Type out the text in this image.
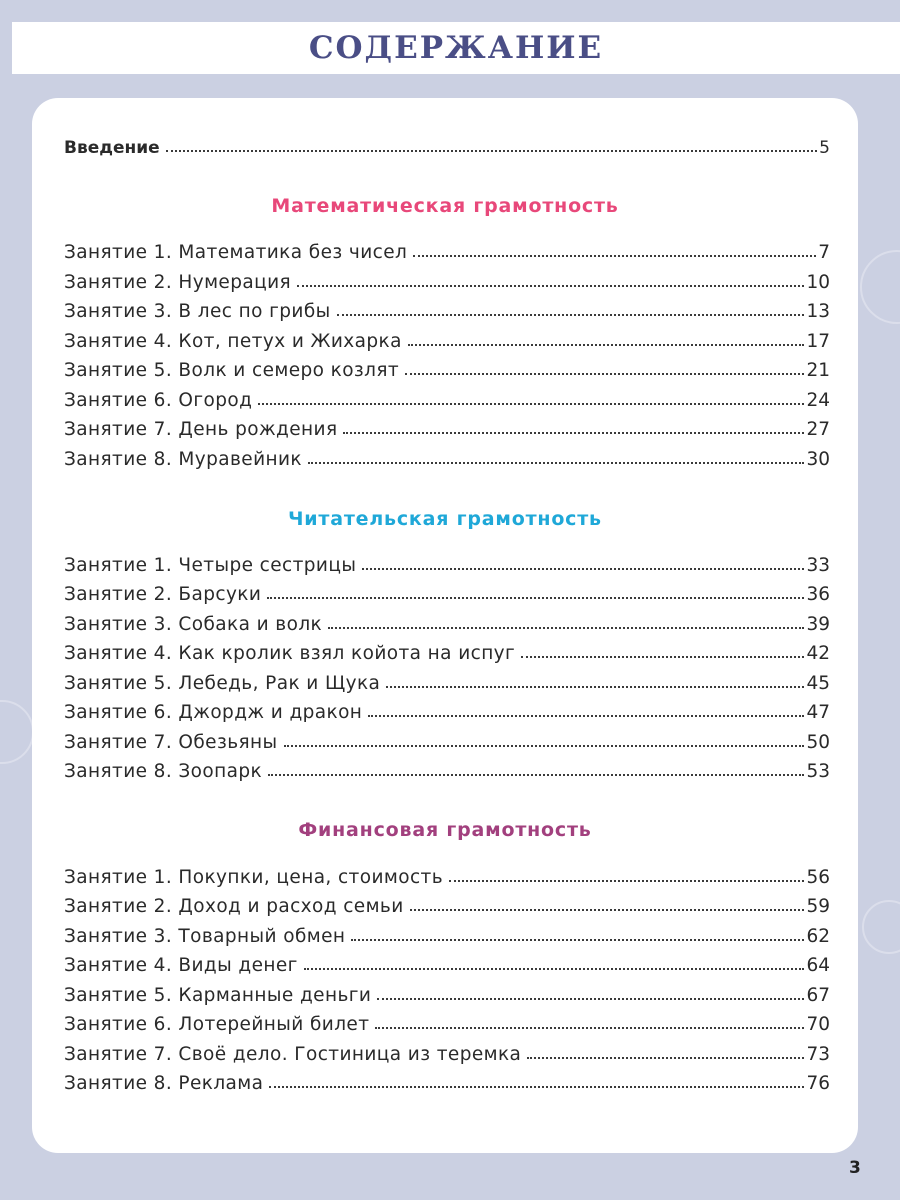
СОДЕРЖАНИЕ
Введение	5
Математическая грамотность
Занятие 1. Математика без чисел	7
Занятие 2. Нумерация	10
Занятие 3. В лес по грибы	13
Занятие 4. Кот, петух и Жихарка	17
Занятие 5. Волк и семеро козлят	21
Занятие 6. Огород	24
Занятие 7. День рождения	27
Занятие 8. Муравейник	30
Читательская грамотность
Занятие 1. Четыре сестрицы	33
Занятие 2. Барсуки	36
Занятие 3. Собака и волк	39
Занятие 4. Как кролик взял койота на испуг	42
Занятие 5. Лебедь, Рак и Щука	45
Занятие 6. Джордж и дракон	47
Занятие 7. Обезьяны	50
Занятие 8. Зоопарк	53
Финансовая грамотность
Занятие 1. Покупки, цена, стоимость	56
Занятие 2. Доход и расход семьи	59
Занятие 3. Товарный обмен	62
Занятие 4. Виды денег	64
Занятие 5. Карманные деньги	67
Занятие 6. Лотерейный билет	70
Занятие 7. Своё дело. Гостиница из теремка	73
Занятие 8. Реклама	76
3
